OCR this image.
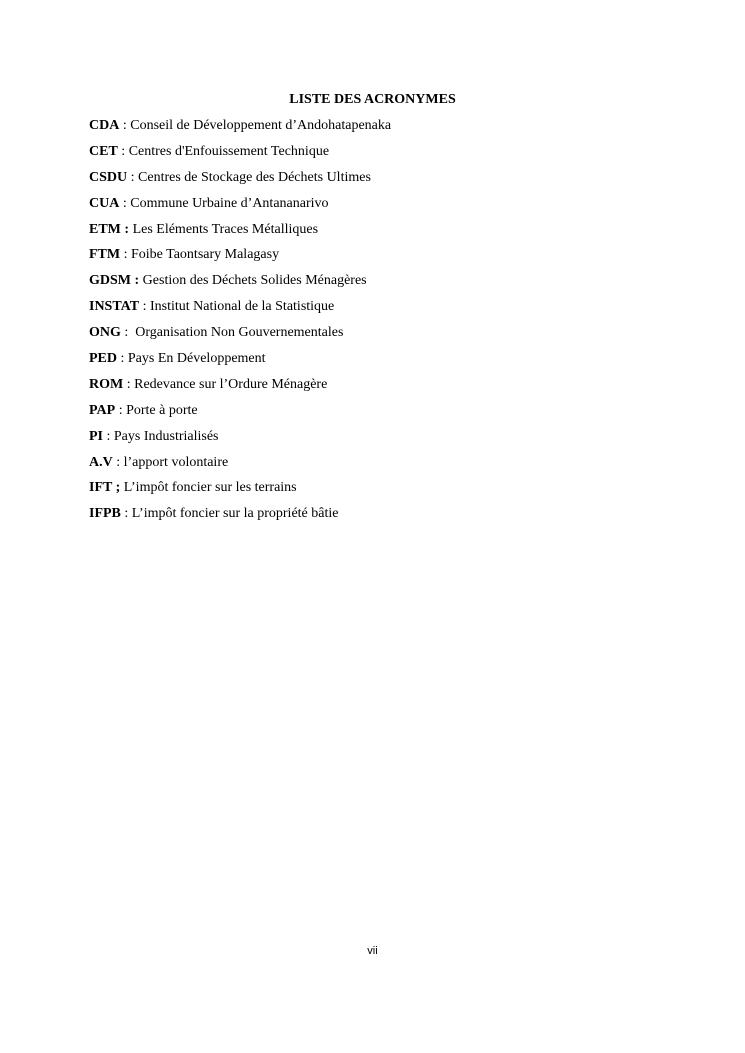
LISTE DES ACRONYMES
CDA : Conseil de Développement d’Andohatapenaka
CET : Centres d'Enfouissement Technique
CSDU : Centres de Stockage des Déchets Ultimes
CUA : Commune Urbaine d’Antananarivo
ETM : Les Eléments Traces Métalliques
FTM : Foibe Taontsary Malagasy
GDSM : Gestion des Déchets Solides Ménagères
INSTAT : Institut National de la Statistique
ONG :  Organisation Non Gouvernementales
PED : Pays En Développement
ROM : Redevance sur l’Ordure Ménagère
PAP : Porte à porte
PI : Pays Industrialisés
A.V : l’apport volontaire
IFT ; L’impôt foncier sur les terrains
IFPB : L’impôt foncier sur la propriété bâtie
vii
